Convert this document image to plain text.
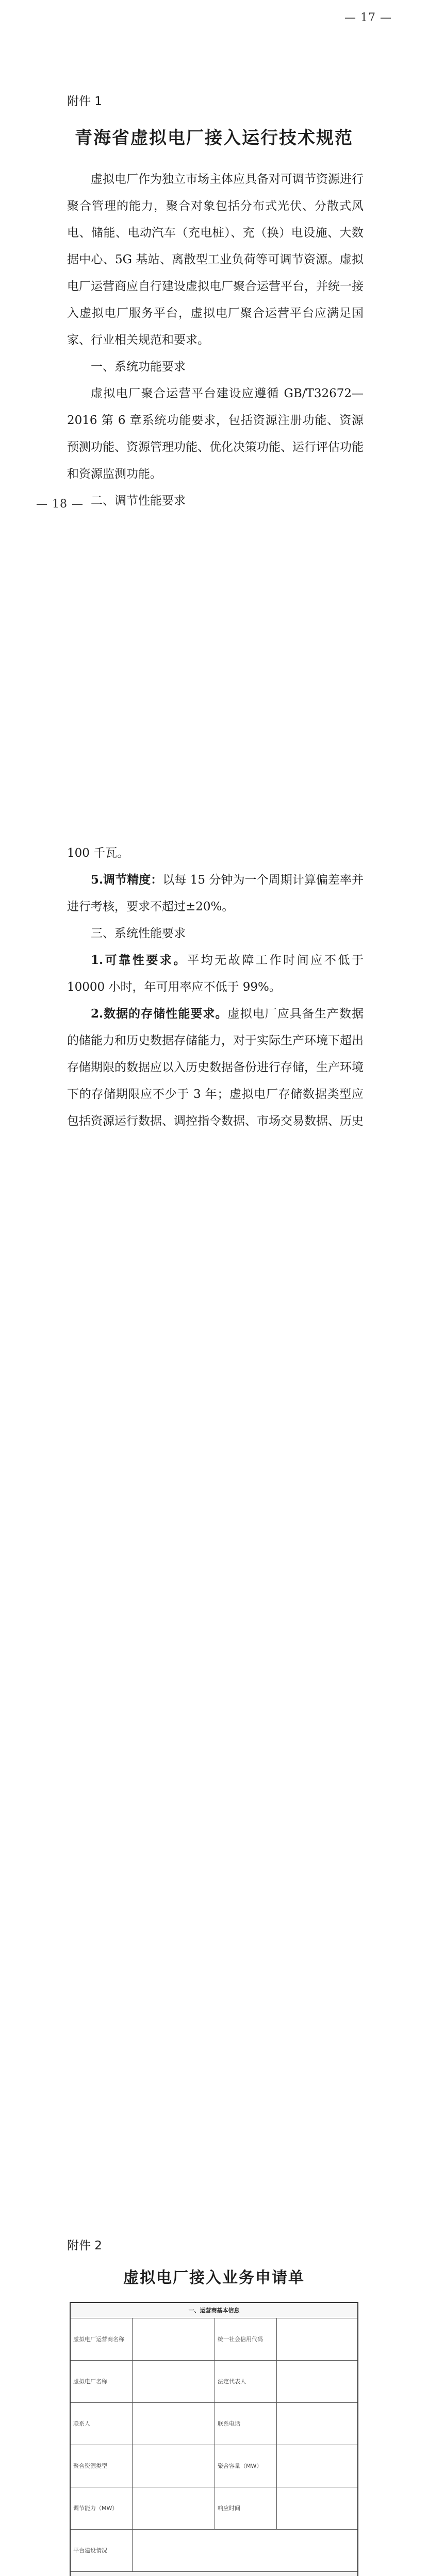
— 17 —
附件 1
青海省虚拟电厂接入运行技术规范

虚拟电厂作为独立市场主体应具备对可调节资源进行聚合管理的能力，聚合对象包括分布式光伏、分散式风电、储能、电动汽车（充电桩）、充（换）电设施、大数据中心、5G 基站、离散型工业负荷等可调节资源。虚拟电厂运营商应自行建设虚拟电厂聚合运营平台，并统一接入虚拟电厂服务平台，虚拟电厂聚合运营平台应满足国家、行业相关规范和要求。

一、系统功能要求

虚拟电厂聚合运营平台建设应遵循 GB/T32672—2016 第 6 章系统功能要求，包括资源注册功能、资源预测功能、资源管理功能、优化决策功能、运行评估功能和资源监测功能。

二、调节性能要求

— 18 —

100 千瓦。

5.调节精度：以每 15 分钟为一个周期计算偏差率并进行考核，要求不超过±20%。

三、系统性能要求

1.可靠性要求。平均无故障工作时间应不低于 10000 小时，年可用率应不低于 99%。

2.数据的存储性能要求。虚拟电厂应具备生产数据的储能力和历史数据存储能力，对于实际生产环境下超出存储期限的数据应以入历史数据备份进行存储，生产环境下的存储期限应不少于 3 年；虚拟电厂存储数据类型应包括资源运行数据、调控指令数据、市场交易数据、历史

附件 2
虚拟电厂接入业务申请单
一、运营商基本信息
虚拟电厂运营商名称	统一社会信用代码
虚拟电厂名称	法定代表人
联系人	联系电话
聚合资源类型	聚合容量（MW）
调节能力（MW）	响应时间
平台建设情况
